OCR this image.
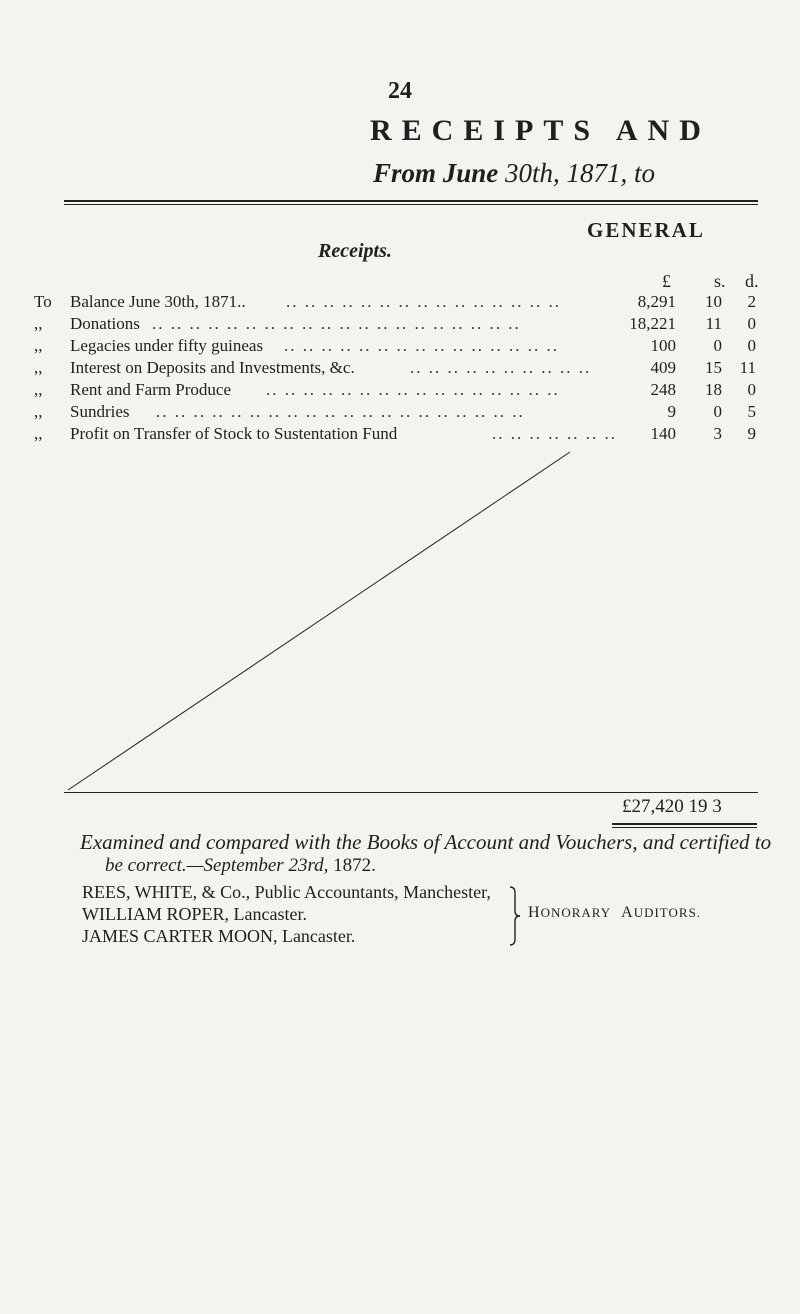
24
RECEIPTS AND
From June 30th, 1871, to
GENERAL
Receipts.
£ s. d.
To	Balance June 30th, 1871.. .. .. .. .. .. .. .. .. .. .. .. .. .. .. ..	8,291	10	2
,,	Donations .. .. .. .. .. .. .. .. .. .. .. .. .. .. .. .. .. .. .. ..	18,221	11	0
,,	Legacies under fifty guineas .. .. .. .. .. .. .. .. .. .. .. .. .. .. ..	100	0	0
,,	Interest on Deposits and Investments, &c.	.. .. .. .. .. .. .. .. .. ..	409	15	11
,,	Rent and Farm Produce .. .. .. .. .. .. .. .. .. .. .. .. .. .. .. ..	248	18	0
,,	Sundries .. .. .. .. .. .. .. .. .. .. .. .. .. .. .. .. .. .. .. ..	9	0	5
,,	Profit on Transfer of Stock to Sustentation Fund	.. .. .. .. .. .. ..	140	3	9
£27,420 19 3
Examined and compared with the Books of Account and Vouchers, and certified to
be correct.—September 23rd, 1872.
REES, WHITE, & Co., Public Accountants, Manchester,
WILLIAM ROPER, Lancaster.
JAMES CARTER MOON, Lancaster.
HONORARY AUDITORS.
